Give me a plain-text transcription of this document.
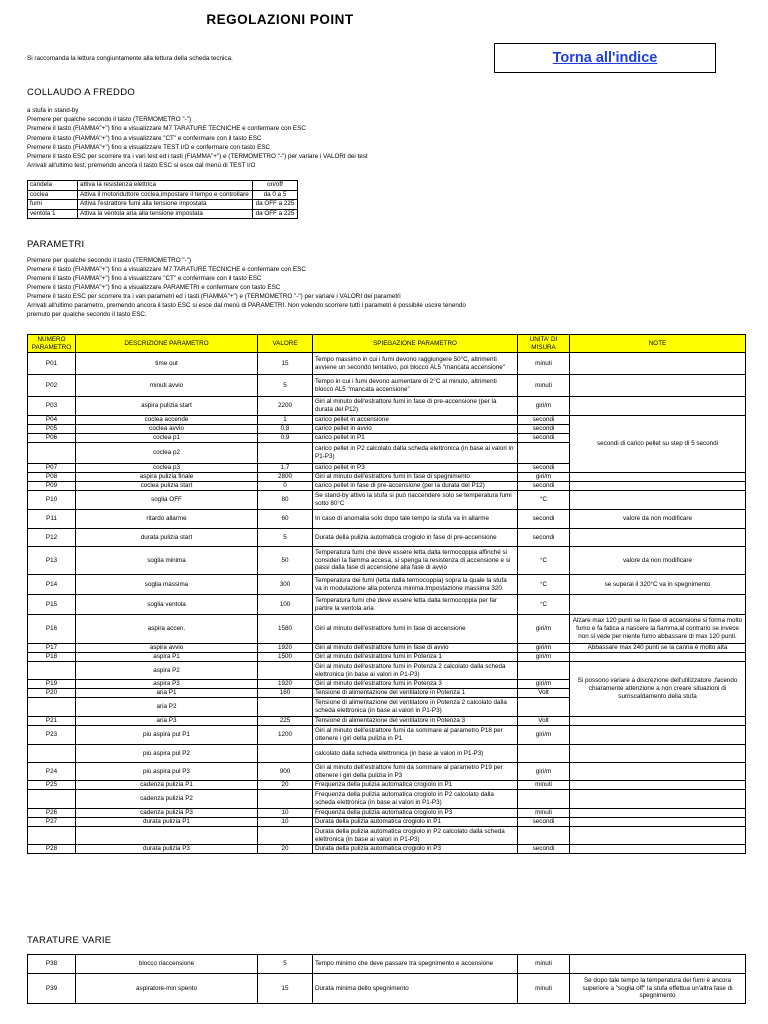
REGOLAZIONI POINT
Torna all'indice
Si raccomanda la lettura congiuntamente alla lettura della scheda tecnica.
COLLAUDO A FREDDO
a stufa in stand-by
Premere per qualche secondo il tasto (TERMOMETRO "-")
Premere il tasto (FIAMMA"+") fino a visualizzare M7 TARATURE TECNICHE e confermare con ESC
Premere il tasto (FIAMMA"+") fino a visualizzare "CT" e confermare con il tasto ESC
Premere il tasto (FIAMMA"+") fino a visualizzare TEST I/O e confermare con tasto ESC
Premere il tasto ESC per scorrere tra i vari test ed i tasti (FIAMMA"+") e (TERMOMETRO "-") per variare i VALORI dei test
Arrivati all'ultimo test, premendo ancora il tasto ESC si esce dal menù di TEST I/O
candela	attiva la resistenza elettrica	on/off
coclea	Attiva il motoriduttore coclea,impostare il tempo e controllare	da 0 a 5
fumi	Attiva l'estrattore fumi alla tensione impostata	da OFF a 225
ventola 1	Attiva la ventola aria alla tensione impostata	da OFF a 225
PARAMETRI
Premere per qualche secondo il tasto (TERMOMETRO "-")
Premere il tasto (FIAMMA"+") fino a visualizzare M7 TARATURE TECNICHE e confermare con ESC
Premere il tasto (FIAMMA"+") fino a visualizzare "CT" e confermare con il tasto ESC
Premere il tasto (FIAMMA"+") fino a visualizzare PARAMETRI e confermare con tasto ESC
Premere il tasto ESC per scorrere tra i vari parametri ed i tasti (FIAMMA"+") e (TERMOMETRO "-") per variare i VALORI dei parametri
Arrivati all'ultimo parametro, premendo ancora il tasto ESC si esce dal menù di PARAMETRI. Non volendo scorrere tutti i parametri è possibile uscire tenendo
premuto per qualche secondo il tasto ESC.
NUMERO PARAMETRO	DESCRIZIONE PARAMETRO	VALORE	SPIEGAZIONE PARAMETRO	UNITA' DI MISURA	NOTE
P01	time out	15	Tempo massimo in cui i fumi devono raggiungere 50°C, altrimenti avviene un secondo tentativo, poi blocco AL5 "mancata accensione"	minuti	
P02	minuti avvio	5	Tempo in cui i fumi devono aumentare di 2°C al minuto, altrimenti blocco AL5 "mancata accensione"	minuti	
P03	aspira pulizia start	2200	Giri al minuto dell'estrattore fumi in fase di pre-accensione (per la durata del P12)	giri/m	
P04	coclea accende	1	carico pellet in accensione	secondi	secondi di carico pellet su step di 5 secondi
P05	coclea avvio	0,8	carico pellet in avvio	secondi	
P06	coclea p1	0,9	carico pellet in P1	secondi	
	coclea p2		carico pellet in P2 calcolato dalla scheda elettronica (in base ai valori in P1-P3)		
P07	coclea p3	1,7	carico pellet in P3	secondi	
P08	aspira pulizia finale	2800	Giri al minuto dell'estrattore fumi in fase di spegnimento	giri/m	
P09	coclea pulizia start	0	carico pellet in fase di pre-accensione (per la durata del P12)	secondi	
P10	soglia OFF	80	Se stand-by attivo la stufa si può riaccendere solo se temperatura fumi sotto 80°C	°C	
P11	ritardo allarme	60	In caso di anomalia solo dopo tale tempo la stufa va in allarme	secondi	valore da non modificare
P12	durata pulizia start	5	Durata della pulizia automatica crogiolo in fase di pre-accensione	secondi	
P13	soglia minima	50	Temperatura fumi che deve essere letta dalla termocoppia affinché si consideri la fiamma accesa, si spenga la resistenza di accensione e si passi dalla fase di accensione alla fase di avvio	°C	valore da non modificare
P14	soglia massima	300	Temperatura dei fumi (letta dalla termocoppia) sopra la quale la stufa va in modulazione alla potenza minima.Impostazione massima 320	°C	se superai il 320°C va in spegnimento
P15	soglia ventola	100	Temperatura fumi che deve essere letta dalla termocoppia per far partire la ventola aria	°C	
P16	aspira accen.	1580	Giri al minuto dell'estrattore fumi in fase di accensione	giri/m	Alzare max 120 punti se in fase di accensione si forma molto fumo e fa fatica a nascere la fiamma,al contrario se invece non si vede per niente fumo abbassare di max 120 punti.
P17	aspira avvio	1920	Giri al minuto dell'estrattore fumi in fase di avvio	giri/m	Abbassare max 240 punti se la canna è molto alta
P18	aspira P1	1500	Giri al minuto dell'estrattore fumi in Potenza 1	giri/m	
	aspira P2		Giri al minuto dell'estrattore fumi in Potenza 2 calcolato dalla scheda elettronica (in base ai valori in P1-P3)		Si possono variare a discrezione dell'utilizzatore ,facendo chiaramente attenzione a non creare situazioni di surriscaldamento della stufa
P19	aspira P3	1920	Giri al minuto dell'estrattore fumi in Potenza 3	giri/m	
P20	aria P1	160	Tensione di alimentazione del ventilatore in Potenza 1	Volt	
	aria P2		Tensione di alimentazione del ventilatore in Potenza 2 calcolato dalla scheda elettronica (in base ai valori in P1-P3)		
P21	aria P3	225	Tensione di alimentazione del ventilatore in Potenza 3	Volt	
P23	più aspira pul P1	1200	Giri al minuto dell'estrattore fumi da sommare al parametro P18 per ottenere i giri della pulizia in P1	giri/m	
	più aspira pul P2		calcolato dalla scheda elettronica (in base ai valori in P1-P3)		
P24	più aspira pul P3	900	Giri al minuto dell'estrattore fumi da sommare al parametro P19 per ottenere i giri della pulizia in P3	giri/m	
P25	cadenza pulizia P1	20	Frequenza della pulizia automatica crogiolo in P1	minuti	
	cadenza pulizia P2		Frequenza della pulizia automatica crogiolo in P2 calcolato dalla scheda elettronica (in base ai valori in P1-P3)		
P26	cadenza pulizia P3	10	Frequenza della pulizia automatica crogiolo in P3	minuti	
P27	durata pulizia P1	10	Durata della pulizia automatica crogiolo in P1	secondi	
			Durata della pulizia automatica crogiolo in P2 calcolato dalla scheda elettronica (in base ai valori in P1-P3)		
P28	durata pulizia P3	20	Durata della pulizia automatica crogiolo in P3	secondi	
TARATURE VARIE
P38	blocco riaccensione	5	Tempo minimo che deve passare tra spegnimento e accensione	minuti	
P39	aspiratore-min spento	15	Durata minima dello spegnimento	minuti	Se dopo tale tempo la temperatura dei fumi è ancora superiore a "soglia off" la stufa effettua un'altra fase di spegnimento
